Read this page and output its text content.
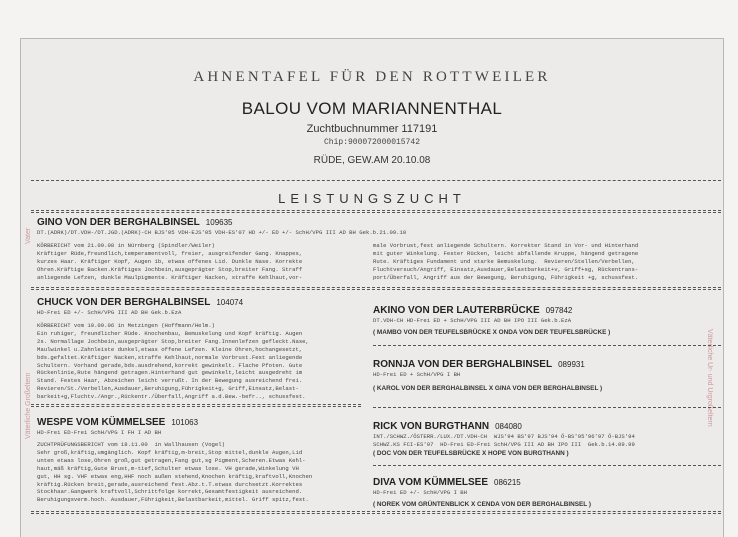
AHNENTAFEL FÜR DEN ROTTWEILER
BALOU VOM MARIANNENTHAL
Zuchtbuchnummer 117191
Chip:900072000015742
RÜDE, GEW.AM 20.10.08
LEISTUNGSZUCHT
Vater
Väterliche Großeltern	Väterliche Ur- und Urgroßeltern
GINO VON DER BERGHALBINSEL 109635
DT.(ADRK)/DT.VDH-/DT.JGD.(ADRK)-CH BJS'05 VDH-EJS'05 VDH-ES'07 HD +/- ED +/- SchH/VPG III AD BH Gek.b.21.09.10
KÖRBERICHT vom 21.09.08 in Nürnberg (Spindler/Weiler)
Kräftiger Rüde,freundlich,temperamentvoll, freier, ausgreifender Gang. Knappes,
kurzes Haar. Kräftiger Kopf, Augen 1b, etwas offenes Lid. Dunkle Nase. Korrekte
Ohren.Kräftige Backen.Kräftiges Jochbein,ausgeprägter Stop,breiter Fang. Straff
anliegende Lefzen, dunkle Maulpigmente. Kräftiger Nacken, straffe Kehlhaut,vor-
male Vorbrust,fest anliegende Schultern. Korrekter Stand in Vor- und Hinterhand
mit guter Winkelung. Fester Rücken, leicht abfallende Kruppe, hängend getragene
Rute. Kräftiges Fundament und starke Bemuskelung.  Revieren/Stellen/Verbellen,
Fluchtversuch/Angriff, Einsatz,Ausdauer,Belastbarkeit+v, Griff+sg, Rückentrans-
port/Überfall, Angriff aus der Bewegung, Beruhigung, Führigkeit +g, schussfest.
CHUCK VON DER BERGHALBINSEL 104074
HD-Frei ED +/- SchH/VPG III AD BH Gek.b.EzA
KÖRBERICHT vom 10.09.06 in Metzingen (Hoffmann/Helm.)
Ein ruhiger, freundlicher Rüde. Knochenbau, Bemuskelung und Kopf kräftig. Augen
2s. Normallage Jochbein,ausgeprägter Stop,breiter Fang.Innenlefzen gefleckt.Nase,
Maulwinkel u.Zahnleiste dunkel,etwas offene Lefzen. Kleine Ohren,hochangesetzt,
bds.gefaltet.Kräftiger Nacken,straffe Kehlhaut,normale Vorbrust.Fest anliegende
Schultern. Vorhand gerade,bds.ausdrehend,korrekt gewinkelt. Flache Pfoten. Gute
Rückenlinie,Rute hängend getragen.Hinterhand gut gewinkelt,leicht ausgedreht im
Stand. Festes Haar, Abzeichen leicht verrußt. In der Bewegung ausreichend frei.
Revieren/St./Verbellen,Ausdauer,Beruhigung,Führigkeit+g, Griff,Einsatz,Belast-
barkeit+g,Fluchtv./Angr.,Rückentr./Überfall,Angriff a.d.Bew.-befr.., schussfest.
WESPE VOM KÜMMELSEE 101063
HD-Frei ED-Frei SchH/VPG I FH I AD BH
ZUCHTPRÜFUNGSBERICHT vom 18.11.00  in Wallhausen (Vogel)
Sehr groß,kräftig,umgänglich. Kopf kräftig,m-breit,Stop mittel,dunkle Augen,Lid
unten etwas lose,Ohren groß,gut getragen,Fang gut,sg Pigment,Scheren.Etwas Kehl-
haut,mäß kräftig,Gute Brust,m-tief,Schulter etwas lose. VH gerade,Winkelung VH
gut, HH sg. VHF etwas eng,HHF noch außen stehend,Knochen kräftig,kraftvoll,Knochen
kräftig.Rücken breit,gerade,ausreichend fest.Abz.t.T.etwas durchsetzt.Korrektes
Stockhaar.Gangwerk kraftvoll,Schrittfolge korrekt,Gesamtfestigkeit ausreichend.
Beruhigungsverm.hoch. Ausdauer,Führigkeit,Belastbarkeit,mittel. Griff spitz,fest.
AKINO VON DER LAUTERBRÜCKE 097842
DT.VDH-CH HD-Frei ED + SchH/VPG III AD BH IPO III Gek.b.EzA
( MAMBO VON DER TEUFELSBRÜCKE X ONDA VON DER TEUFELSBRÜCKE )
RONNJA VON DER BERGHALBINSEL 089931
HD-Frei ED + SchH/VPG I BH
( KAROL VON DER BERGHALBINSEL X GINA VON DER BERGHALBINSEL )
RICK VON BURGTHANN 084080
INT./SCHWZ./ÖSTERR./LUX./DT.VDH-CH  WJS'94 BS'97 BJS'94 Ö-BS'95'96'97 Ö-BJS'94
SCHWZ.KS FCI-ES'97  HD-Frei ED-Frei SchH/VPG III AD BH IPO III  Gek.b.14.09.99
( DOC VON DER TEUFELSBRÜCKE X HOPE VON BURGTHANN )
DIVA VOM KÜMMELSEE 086215
HD-Frei ED +/- SchH/VPG I BH
( NOREK VOM GRÜNTENBLICK X CENDA VON DER BERGHALBINSEL )
